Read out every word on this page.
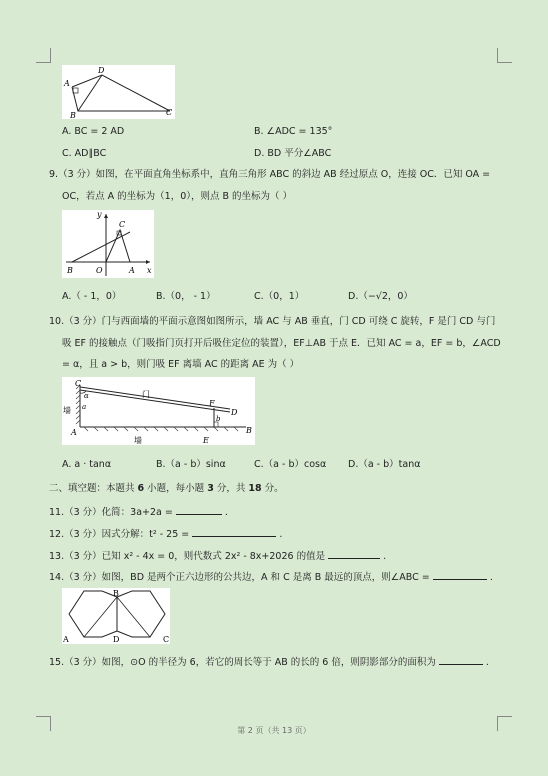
A
D
C
B
A. BC = 2 AD	B. ∠ADC = 135°
C. AD∥BC	D. BD 平分∠ABC
9.（3 分）如图，在平面直角坐标系中，直角三角形 ABC 的斜边 AB 经过原点 O，连接 OC．已知 OA =
OC，若点 A 的坐标为（1，0），则点 B 的坐标为（ ）
y
x
B	O	A
C
A.（ - 1，0）	B.（0， - 1）	C.（0，1）	D.（−√2，0）
10.（3 分）门与西面墙的平面示意图如图所示，墙 AC 与 AB 垂直，门 CD 可绕 C 旋转，F 是门 CD 与门
吸 EF 的接触点（门吸指门页打开后吸住定位的装置），EF⊥AB 于点 E．已知 AC = a，EF = b，∠ACD
= α，且 a > b，则门吸 EF 离墙 AC 的距离 AE 为（ ）
C
α
a
墙
门
F
D
b
A
墙	E
B
A. a · tanα	B.（a - b）sinα	C.（a - b）cosα D.（a - b）tanα
二、填空题：本题共 6 小题，每小题 3 分，共 18 分。
11.（3 分）化简：3a+2a =	.
12.（3 分）因式分解：t² - 25 =	.
13.（3 分）已知 x² - 4x = 0，则代数式 2x² - 8x+2026 的值是	.
14.（3 分）如图，BD 是两个正六边形的公共边，A 和 C 是离 B 最远的顶点，则∠ABC =	.
B
A	D	C
15.（3 分）如图，⊙O 的半径为 6，若它的周长等于 AB 的长的 6 倍，则阴影部分的面积为	.
第 2 页（共 13 页）
